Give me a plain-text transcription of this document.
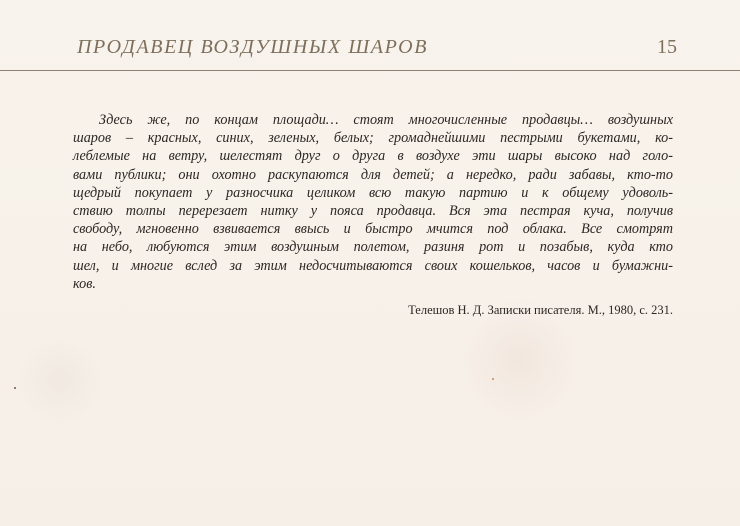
ПРОДАВЕЦ ВОЗДУШНЫХ ШАРОВ	15

Здесь же, по концам площади… стоят многочисленные продавцы… воздушных
шаров – красных, синих, зеленых, белых; громаднейшими пестрыми букетами, ко-
леблемые на ветру, шелестят друг о друга в воздухе эти шары высоко над голо-
вами публики; они охотно раскупаются для детей; а нередко, ради забавы, кто-то
щедрый покупает у разносчика целиком всю такую партию и к общему удоволь-
ствию толпы перерезает нитку у пояса продавца. Вся эта пестрая куча, получив
свободу, мгновенно взвивается ввысь и быстро мчится под облака. Все смотрят
на небо, любуются этим воздушным полетом, разиня рот и позабыв, куда кто
шел, и многие вслед за этим недосчитываются своих кошельков, часов и бумажни-
ков.

Телешов Н. Д. Записки писателя. М., 1980, с. 231.
